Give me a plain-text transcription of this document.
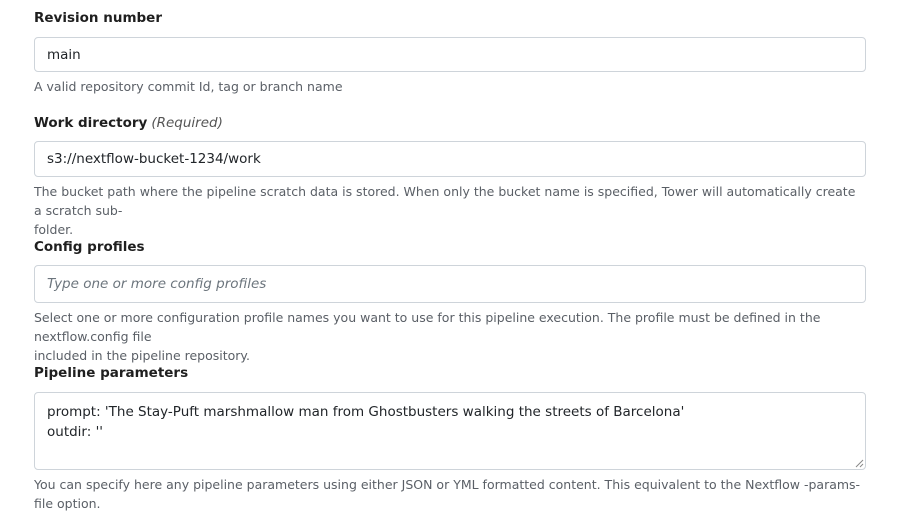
Revision number
main
A valid repository commit Id, tag or branch name
Work directory (Required)
s3://nextflow-bucket-1234/work
The bucket path where the pipeline scratch data is stored. When only the bucket name is specified, Tower will automatically create a scratch sub-
folder.
Config profiles
Type one or more config profiles
Select one or more configuration profile names you want to use for this pipeline execution. The profile must be defined in the nextflow.config file
included in the pipeline repository.
Pipeline parameters
prompt: 'The Stay-Puft marshmallow man from Ghostbusters walking the streets of Barcelona'
outdir: ''
You can specify here any pipeline parameters using either JSON or YML formatted content. This equivalent to the Nextflow -params-file option.
